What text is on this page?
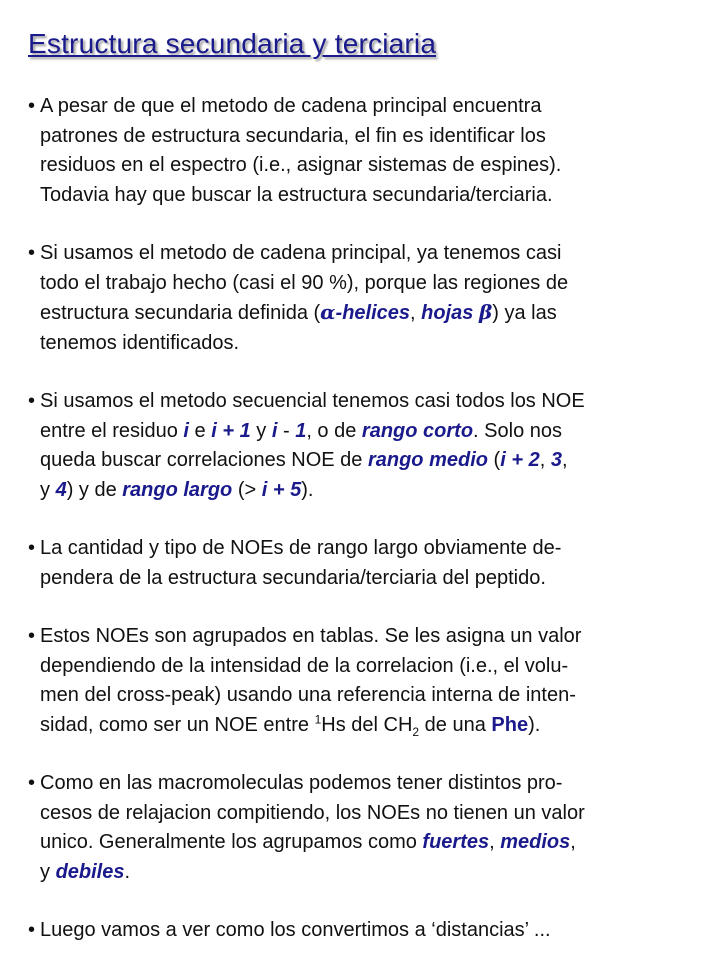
Estructura secundaria y terciaria
• A pesar de que el metodo de cadena principal encuentra
patrones de estructura secundaria, el fin es identificar los
residuos en el espectro (i.e., asignar sistemas de espines).
Todavia hay que buscar la estructura secundaria/terciaria.
• Si usamos el metodo de cadena principal, ya tenemos casi
todo el trabajo hecho (casi el 90 %), porque las regiones de
estructura secundaria definida (α-helices, hojas β) ya las
tenemos identificados.
• Si usamos el metodo secuencial tenemos casi todos los NOE
entre el residuo i e i + 1 y i - 1, o de rango corto. Solo nos
queda buscar correlaciones NOE de rango medio (i + 2, 3,
y 4) y de rango largo (> i + 5).
• La cantidad y tipo de NOEs de rango largo obviamente de-
pendera de la estructura secundaria/terciaria del peptido.
• Estos NOEs son agrupados en tablas. Se les asigna un valor
dependiendo de la intensidad de la correlacion (i.e., el volu-
men del cross-peak) usando una referencia interna de inten-
sidad, como ser un NOE entre $^1$Hs del $CH_2$ de una Phe).
• Como en las macromoleculas podemos tener distintos pro-
cesos de relajacion compitiendo, los NOEs no tienen un valor
unico. Generalmente los agrupamos como fuertes, medios,
y debiles.
• Luego vamos a ver como los convertimos a ‘distancias’ ...
